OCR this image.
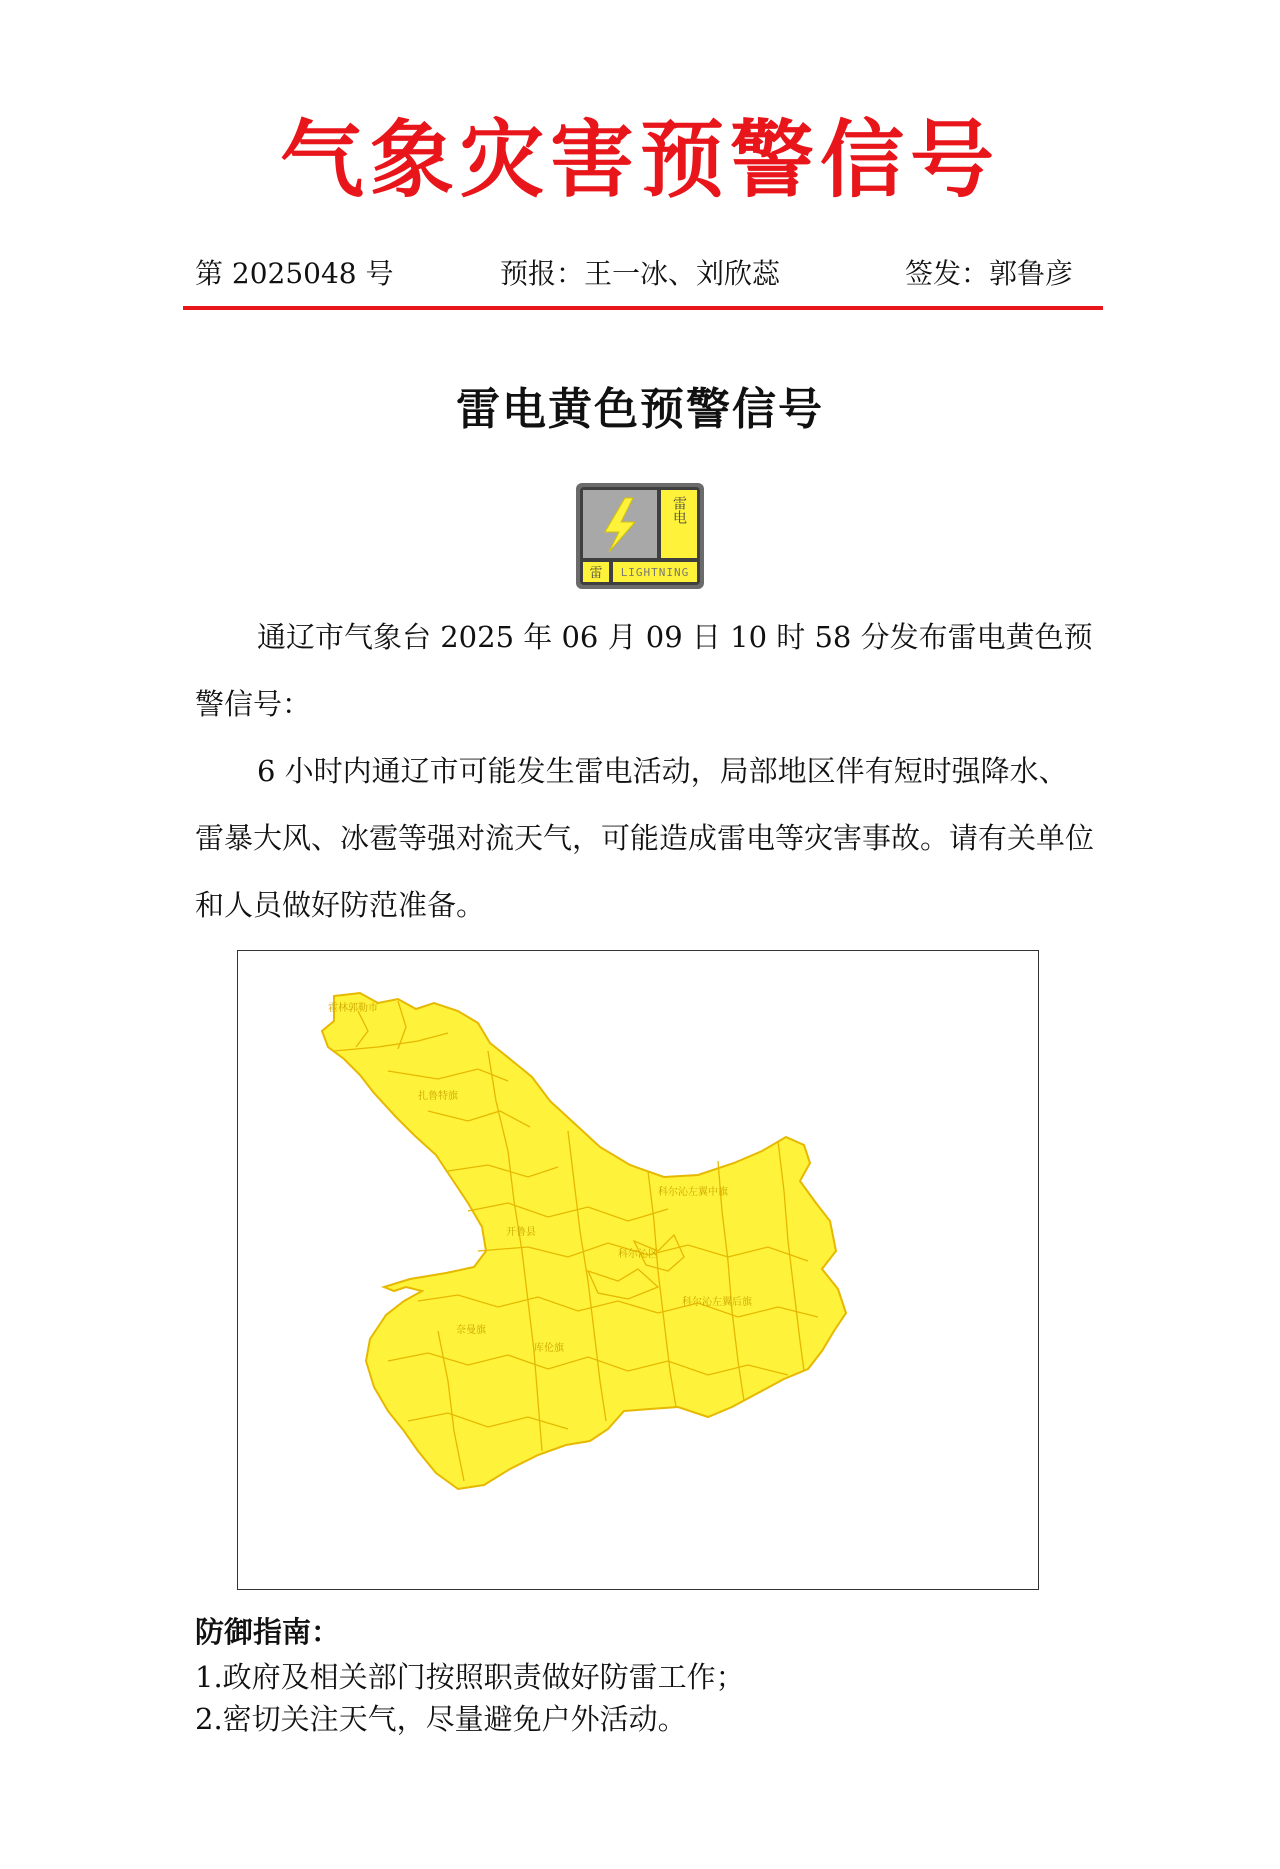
气象灾害预警信号
第 2025048 号	预报：王一冰、刘欣蕊	签发：郭鲁彦
雷电黄色预警信号
雷电
雷 LIGHTNING

通辽市气象台 2025 年 06 月 09 日 10 时 58 分发布雷电黄色预警信号：

6 小时内通辽市可能发生雷电活动，局部地区伴有短时强降水、雷暴大风、冰雹等强对流天气，可能造成雷电等灾害事故。请有关单位和人员做好防范准备。

霍林郭勒市
扎鲁特旗
开鲁县
科尔沁区
科尔沁左翼中旗
奈曼旗
库伦旗
科尔沁左翼后旗
防御指南：
1.政府及相关部门按照职责做好防雷工作；
2.密切关注天气，尽量避免户外活动。
